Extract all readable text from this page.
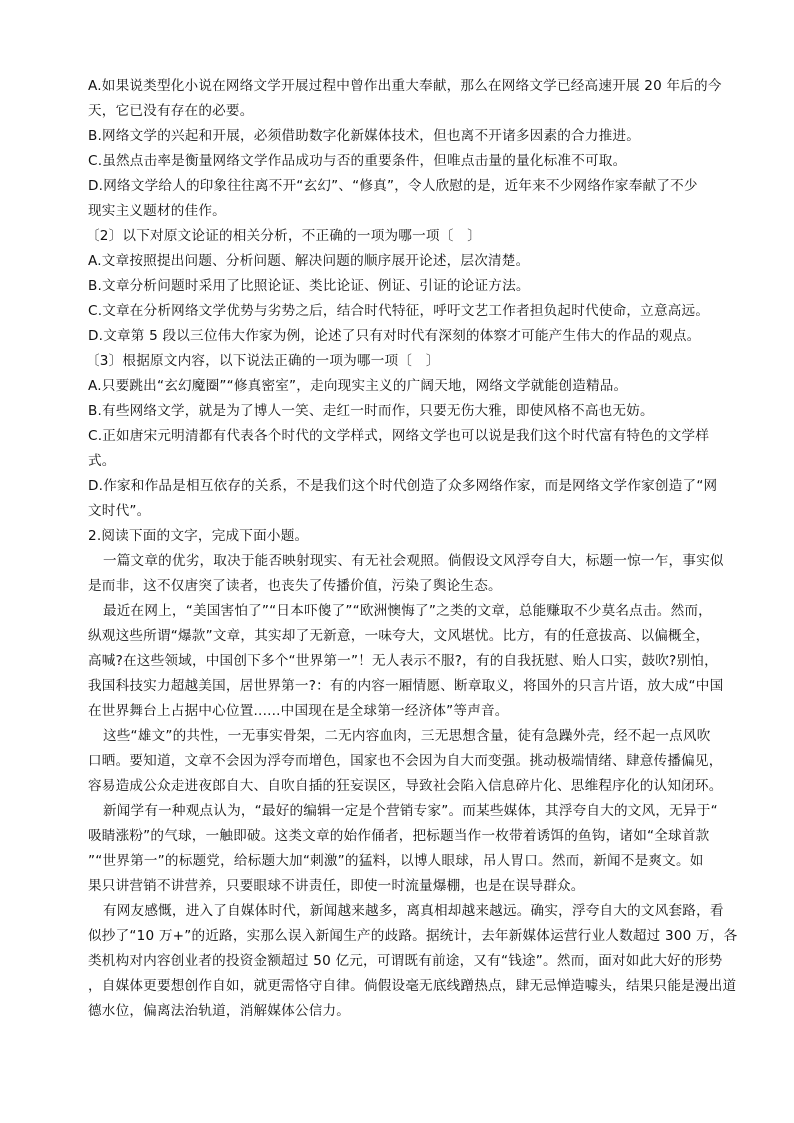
A.如果说类型化小说在网络文学开展过程中曾作出重大奉献，那么在网络文学已经高速开展 20 年后的今
天，它已没有存在的必要。
B.网络文学的兴起和开展，必须借助数字化新媒体技术，但也离不开诸多因素的合力推进。
C.虽然点击率是衡量网络文学作品成功与否的重要条件，但唯点击量的量化标准不可取。
D.网络文学给人的印象往往离不开“玄幻”、“修真”，令人欣慰的是，近年来不少网络作家奉献了不少
现实主义题材的佳作。
〔2〕以下对原文论证的相关分析，不正确的一项为哪一项〔　〕
A.文章按照提出问题、分析问题、解决问题的顺序展开论述，层次清楚。
B.文章分析问题时采用了比照论证、类比论证、例证、引证的论证方法。
C.文章在分析网络文学优势与劣势之后，结合时代特征，呼吁文艺工作者担负起时代使命，立意高远。
D.文章第 5 段以三位伟大作家为例，论述了只有对时代有深刻的体察才可能产生伟大的作品的观点。
〔3〕根据原文内容，以下说法正确的一项为哪一项〔　〕
A.只要跳出“玄幻魔圈”“修真密室”，走向现实主义的广阔天地，网络文学就能创造精品。
B.有些网络文学，就是为了博人一笑、走红一时而作，只要无伤大雅，即使风格不高也无妨。
C.正如唐宋元明清都有代表各个时代的文学样式，网络文学也可以说是我们这个时代富有特色的文学样
式。
D.作家和作品是相互依存的关系，不是我们这个时代创造了众多网络作家，而是网络文学作家创造了“网
文时代”。
2.阅读下面的文字，完成下面小题。
一篇文章的优劣，取决于能否映射现实、有无社会观照。倘假设文风浮夸自大，标题一惊一乍，事实似
是而非，这不仅唐突了读者，也丧失了传播价值，污染了舆论生态。
最近在网上，“美国害怕了”“日本吓傻了”“欧洲懊悔了”之类的文章，总能赚取不少莫名点击。然而，
纵观这些所谓“爆款”文章，其实却了无新意，一味夸大，文风堪忧。比方，有的任意拔高、以偏概全，
高喊?在这些领域，中国创下多个“世界第一”！无人表示不服?，有的自我抚慰、贻人口实，鼓吹?别怕，
我国科技实力超越美国，居世界第一?：有的内容一厢情愿、断章取义，将国外的只言片语，放大成“中国
在世界舞台上占据中心位置......中国现在是全球第一经济体”等声音。
这些“雄文”的共性，一无事实骨架，二无内容血肉，三无思想含量，徒有急躁外壳，经不起一点风吹
口晒。要知道，文章不会因为浮夸而增色，国家也不会因为自大而变强。挑动极端情绪、肆意传播偏见，
容易造成公众走进夜郎自大、自吹自插的狂妄误区，导致社会陷入信息碎片化、思维程序化的认知闭环。
新闻学有一种观点认为，“最好的编辑一定是个营销专家”。而某些媒体，其浮夸自大的文风，无异于“
吸睛涨粉”的气球，一触即破。这类文章的始作俑者，把标题当作一枚带着诱饵的鱼钩，诸如“全球首款
”“世界第一”的标题党，给标题大加“刺激”的猛料，以博人眼球，吊人胃口。然而，新闻不是爽文。如
果只讲营销不讲营养，只要眼球不讲责任，即使一时流量爆棚，也是在误导群众。
有网友感慨，进入了自媒体时代，新闻越来越多，离真相却越来越远。确实，浮夸自大的文风套路，看
似抄了“10 万+”的近路，实那么误入新闻生产的歧路。据统计，去年新媒体运营行业人数超过 300 万，各
类机构对内容创业者的投资金额超过 50 亿元，可谓既有前途，又有“钱途”。然而，面对如此大好的形势
，自媒体更要想创作自如，就更需恪守自律。倘假设毫无底线蹭热点，肆无忌惮造噱头，结果只能是漫出道
德水位，偏离法治轨道，消解媒体公信力。
